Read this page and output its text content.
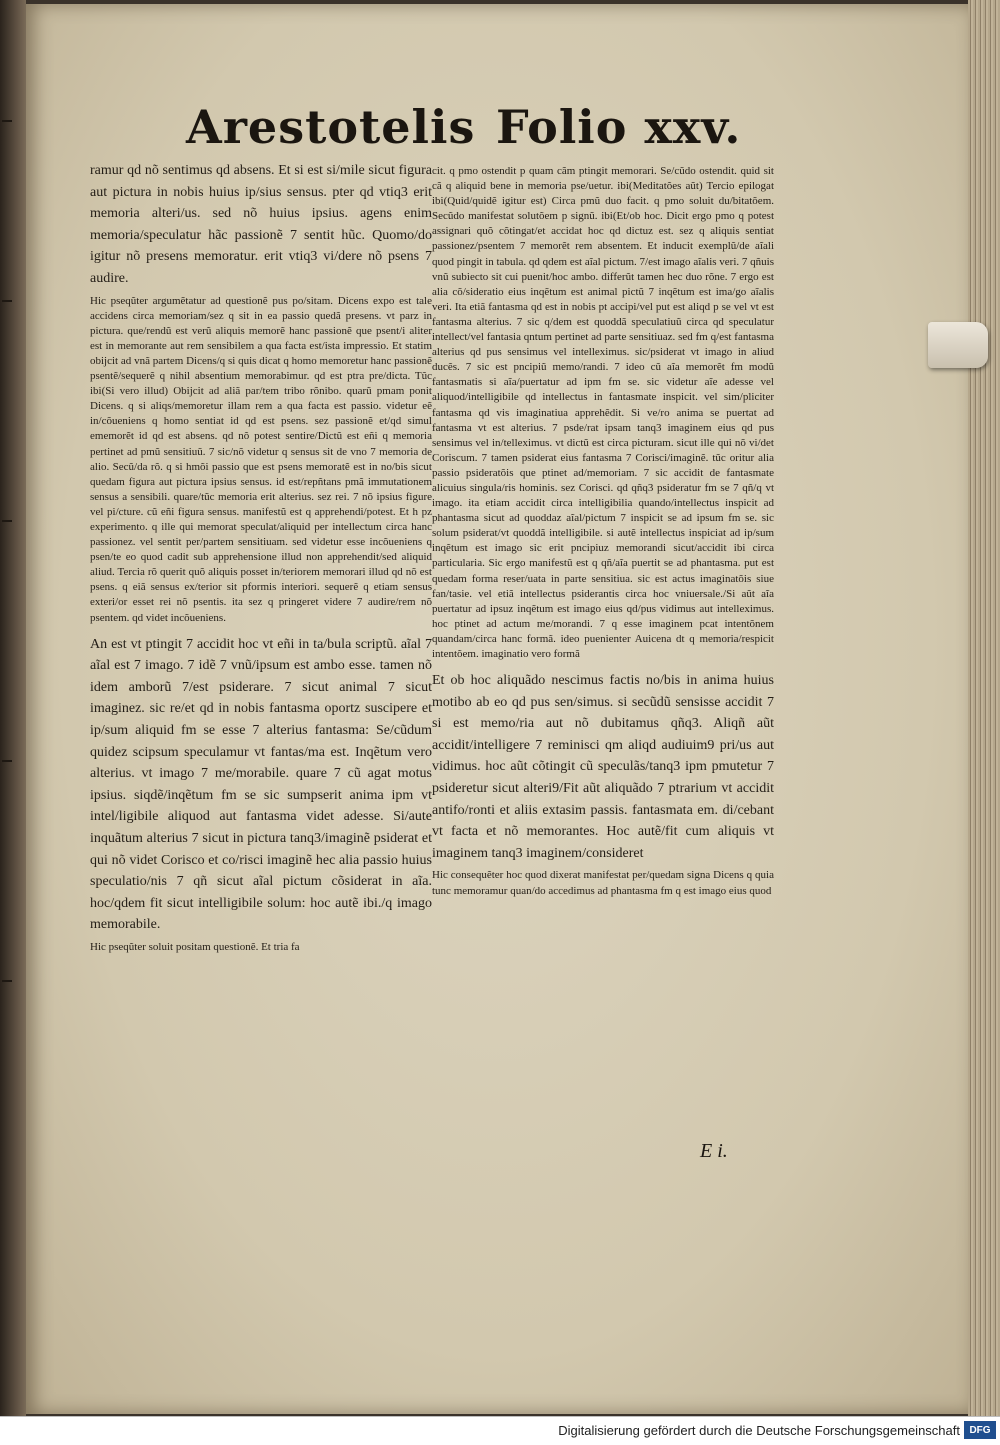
Arestotelis Folio xxv.

ramur qd nõ sentimus qd absens. Et si est si/mile sicut figura aut pictura in nobis huius ip/sius sensus. pter qd vtiq3 erit memoria alteri/us. sed nõ huius ipsius. agens enim memoria/speculatur hãc passionẽ 7 sentit hũc. Quomo/do igitur nõ presens memoratur. erit vtiq3 vi/dere nõ psens 7 audire.

Hic pseqũter argumẽtatur ad questionẽ pus po/sitam. Dicens expo est tale accidens circa memoriam/sez q sit in ea passio quedã presens. vt parz in pictura. que/rendũ est verũ aliquis memorẽ hanc passionẽ que psent/i aliter est in memorante aut rem sensibilem a qua facta est/ista impressio. Et statim obijcit ad vnã partem Dicens/q si quis dicat q homo memoretur hanc passionẽ psentẽ/sequerẽ q nihil absentium memorabimur. qd est ptra pre/dicta. Tũc ibi(Si vero illud) Obijcit ad aliã par/tem tribo rõnibo. quarũ pmam ponit Dicens. q si aliqs/memoretur illam rem a qua facta est passio. videtur eẽ in/cõueniens q homo sentiat id qd est psens. sez passionẽ et/qd simul ememorẽt id qd est absens. qd nõ potest sentire/Dictũ est eñi q memoria pertinet ad pmũ sensitiuũ. 7 sic/nõ videtur q sensus sit de vno 7 memoria de alio. Secũ/da rõ. q si hmõi passio que est psens memoratẽ est in no/bis sicut quedam figura aut pictura ipsius sensus. id est/repñtans pmã immutationem sensus a sensibili. quare/tũc memoria erit alterius. sez rei. 7 nõ ipsius figure vel pi/cture. cũ eñi figura sensus. manifestũ est q apprehendi/potest. Et h pz experimento. q ille qui memorat speculat/aliquid per intellectum circa hanc passionez. vel sentit per/partem sensitiuam. sed videtur esse incõueniens q psen/te eo quod cadit sub apprehensione illud non apprehendit/sed aliquid aliud. Tercia rõ querit quõ aliquis posset in/teriorem memorari illud qd nõ est psens. q eiã sensus ex/terior sit pformis interiori. sequerẽ q etiam sensus exteri/or esset rei nõ psentis. ita sez q pringeret videre 7 audire/rem nõ psentem. qd videt incõueniens.

An est vt ptingit 7 accidit hoc vt eñi in ta/bula scriptũ. aĩal 7 aĩal est 7 imago. 7 idẽ 7 vnũ/ipsum est ambo esse. tamen nõ idem amborũ 7/est psiderare. 7 sicut animal 7 sicut imaginez. sic re/et qd in nobis fantasma oportz suscipere et ip/sum aliquid fm se esse 7 alterius fantasma: Se/cũdum quidez scipsum speculamur vt fantas/ma est. Inqẽtum vero alterius. vt imago 7 me/morabile. quare 7 cũ agat motus ipsius. siqdẽ/inqẽtum fm se sic sumpserit anima ipm vt intel/ligibile aliquod aut fantasma videt adesse. Si/aute inquãtum alterius 7 sicut in pictura tanq3/imaginẽ psiderat et qui nõ videt Corisco et co/risci imaginẽ hec alia passio huius speculatio/nis 7 qñ sicut aĩal pictum cõsiderat in aĩa. hoc/qdem fit sicut intelligibile solum: hoc autẽ ibi./q imago memorabile.

Hic pseqũter soluit positam questionẽ. Et tria fa

cit. q pmo ostendit p quam cãm ptingit memorari. Se/cũdo ostendit. quid sit cã q aliquid bene in memoria pse/uetur. ibi(Meditatões aũt) Tercio epilogat ibi(Quid/quidẽ igitur est) Circa pmũ duo facit. q pmo soluit du/bitatõem. Secũdo manifestat solutõem p signũ. ibi(Et/ob hoc. Dicit ergo pmo q potest assignari quõ cõtingat/et accidat hoc qd dictuz est. sez q aliquis sentiat passionez/psentem 7 memorẽt rem absentem. Et inducit exemplũ/de aĩali quod pingit in tabula. qd qdem est aĩal pictum. 7/est imago aĩalis veri. 7 qñuis vnũ subiecto sit cui puenit/hoc ambo. differũt tamen hec duo rõne. 7 ergo est alia cõ/sideratio eius inqẽtum est animal pictũ 7 inqẽtum est ima/go aĩalis veri. Ita etiã fantasma qd est in nobis pt accipi/vel put est aliqd p se vel vt est fantasma alterius. 7 sic q/dem est quoddã speculatiuũ circa qd speculatur intellect/vel fantasia qntum pertinet ad parte sensitiuaz. sed fm q/est fantasma alterius qd pus sensimus vel intelleximus. sic/psiderat vt imago in aliud ducẽs. 7 sic est pncipiũ memo/randi. 7 ideo cũ aĩa memorẽt fm modũ fantasmatis si aĩa/puertatur ad ipm fm se. sic videtur aĩe adesse vel aliquod/intelligibile qd intellectus in fantasmate inspicit. vel sim/pliciter fantasma qd vis imaginatiua apprehẽdit. Si ve/ro anima se puertat ad fantasma vt est alterius. 7 psde/rat ipsam tanq3 imaginem eius qd pus sensimus vel in/telleximus. vt dictũ est circa picturam. sicut ille qui nõ vi/det Coriscum. 7 tamen psiderat eius fantasma 7 Corisci/imaginẽ. tũc oritur alia passio psideratõis que ptinet ad/memoriam. 7 sic accidit de fantasmate alicuius singula/ris hominis. sez Corisci. qd qñq3 psideratur fm se 7 qñ/q vt imago. ita etiam accidit circa intelligibilia quando/intellectus inspicit ad phantasma sicut ad quoddaz aĩal/pictum 7 inspicit se ad ipsum fm se. sic solum psiderat/vt quoddã intelligibile. si autẽ intellectus inspiciat ad ip/sum inqẽtum est imago sic erit pncipiuz memorandi sicut/accidit ibi circa particularia. Sic ergo manifestũ est q qñ/aĩa puertit se ad phantasma. put est quedam forma reser/uata in parte sensitiua. sic est actus imaginatõis siue fan/tasie. vel etiã intellectus psiderantis circa hoc vniuersale./Si aũt aĩa puertatur ad ipsuz inqẽtum est imago eius qd/pus vidimus aut intelleximus. hoc ptinet ad actum me/morandi. 7 q esse imaginem pcat intentõnem quandam/circa hanc formã. ideo puenienter Auicena dt q memoria/respicit intentõem. imaginatio vero formã

Et ob hoc aliquãdo nescimus factis no/bis in anima huius motibo ab eo qd pus sen/simus. si secũdũ sensisse accidit 7 si est memo/ria aut nõ dubitamus qñq3. Aliqñ aũt accidit/intelligere 7 reminisci qm aliqd audiuim9 pri/us aut vidimus. hoc aũt cõtingit cũ speculãs/tanq3 ipm pmutetur 7 psideretur sicut alteri9/Fit aũt aliquãdo 7 ptrarium vt accidit antifo/ronti et aliis extasim passis. fantasmata em. di/cebant vt facta et nõ memorantes. Hoc autẽ/fit cum aliquis vt imaginem tanq3 imaginem/consideret

Hic consequẽter hoc quod dixerat manifestat per/quedam signa Dicens q quia tunc memoramur quan/do accedimus ad phantasma fm q est imago eius quod

E i.
Digitalisierung gefördert durch die Deutsche Forschungsgemeinschaft DFG
